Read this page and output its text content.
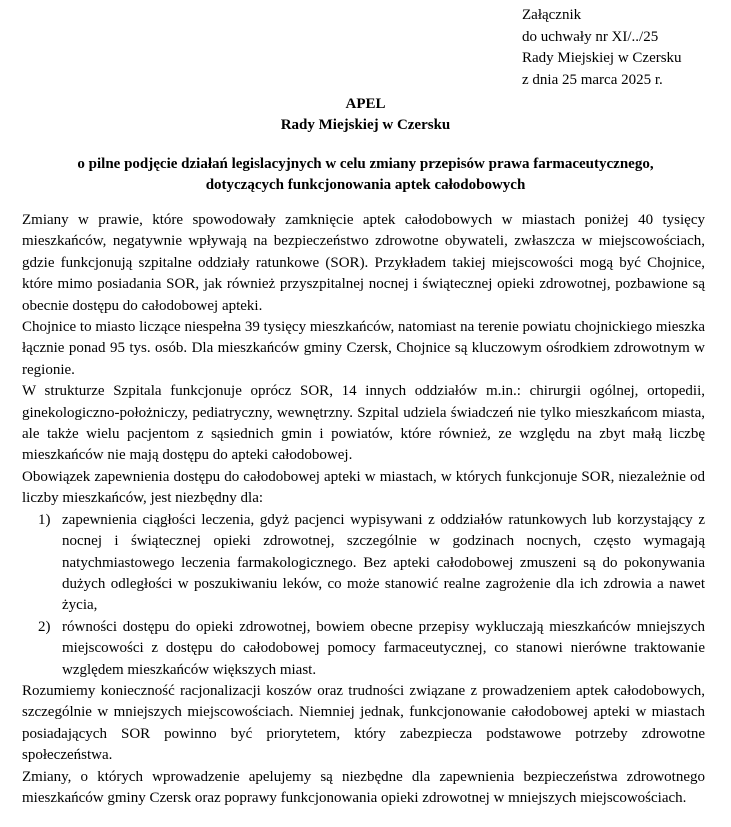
Załącznik
do uchwały nr XI/../25
Rady Miejskiej w Czersku
z dnia 25 marca 2025 r.
APEL
Rady Miejskiej w Czersku
o pilne podjęcie działań legislacyjnych w celu zmiany przepisów prawa farmaceutycznego,
dotyczących funkcjonowania aptek całodobowych

Zmiany w prawie, które spowodowały zamknięcie aptek całodobowych w miastach poniżej 40 tysięcy mieszkańców, negatywnie wpływają na bezpieczeństwo zdrowotne obywateli, zwłaszcza w miejscowościach, gdzie funkcjonują szpitalne oddziały ratunkowe (SOR). Przykładem takiej miejscowości mogą być Chojnice, które mimo posiadania SOR, jak również przyszpitalnej nocnej i świątecznej opieki zdrowotnej, pozbawione są obecnie dostępu do całodobowej apteki.

Chojnice to miasto liczące niespełna 39 tysięcy mieszkańców, natomiast na terenie powiatu chojnickiego mieszka łącznie ponad 95 tys. osób. Dla mieszkańców gminy Czersk, Chojnice są kluczowym ośrodkiem zdrowotnym w regionie.

W strukturze Szpitala funkcjonuje oprócz SOR, 14 innych oddziałów m.in.: chirurgii ogólnej, ortopedii, ginekologiczno-położniczy, pediatryczny, wewnętrzny. Szpital udziela świadczeń nie tylko mieszkańcom miasta, ale także wielu pacjentom z sąsiednich gmin i powiatów, które również, ze względu na zbyt małą liczbę mieszkańców nie mają dostępu do apteki całodobowej.

Obowiązek zapewnienia dostępu do całodobowej apteki w miastach, w których funkcjonuje SOR, niezależnie od liczby mieszkańców, jest niezbędny dla:

1) zapewnienia ciągłości leczenia, gdyż pacjenci wypisywani z oddziałów ratunkowych lub korzystający z nocnej i świątecznej opieki zdrowotnej, szczególnie w godzinach nocnych, często wymagają natychmiastowego leczenia farmakologicznego. Bez apteki całodobowej zmuszeni są do pokonywania dużych odległości w poszukiwaniu leków, co może stanowić realne zagrożenie dla ich zdrowia a nawet życia,
2) równości dostępu do opieki zdrowotnej, bowiem obecne przepisy wykluczają mieszkańców mniejszych miejscowości z dostępu do całodobowej pomocy farmaceutycznej, co stanowi nierówne traktowanie względem mieszkańców większych miast.

Rozumiemy konieczność racjonalizacji koszów oraz trudności związane z prowadzeniem aptek całodobowych, szczególnie w mniejszych miejscowościach. Niemniej jednak, funkcjonowanie całodobowej apteki w miastach posiadających SOR powinno być priorytetem, który zabezpiecza podstawowe potrzeby zdrowotne społeczeństwa.

Zmiany, o których wprowadzenie apelujemy są niezbędne dla zapewnienia bezpieczeństwa zdrowotnego mieszkańców gminy Czersk oraz poprawy funkcjonowania opieki zdrowotnej w mniejszych miejscowościach.
